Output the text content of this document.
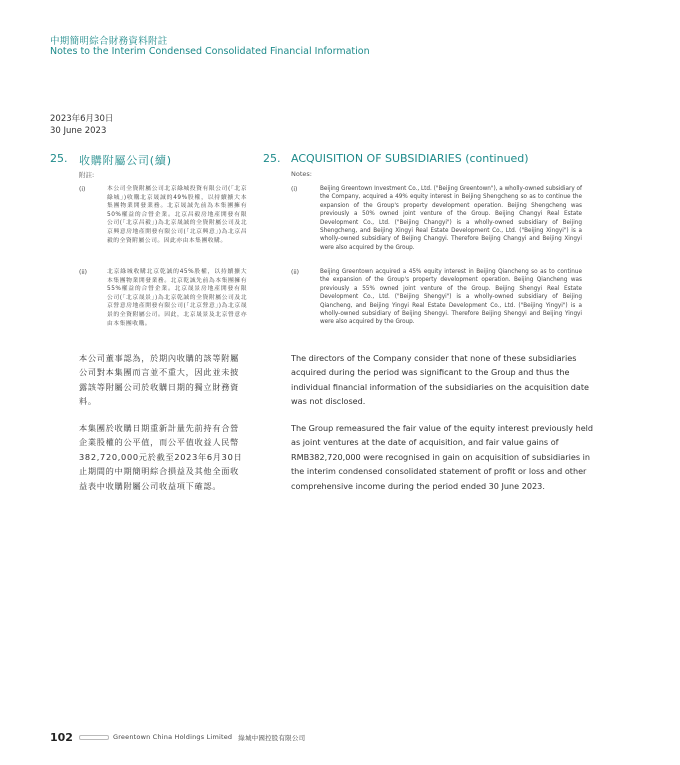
中期簡明綜合財務資料附註
Notes to the Interim Condensed Consolidated Financial Information
2023年6月30日
30 June 2023
25. 收購附屬公司(續)
附註:
25. ACQUISITION OF SUBSIDIARIES (continued)
Notes:
(i)	本公司全資附屬公司北京綠城投資有限公司(「北京綠城」)收購北京晟誠的49%股權，以持續擴大本集團物業開發業務。北京晟誠先前為本集團擁有50%權益的合營企業。北京昌毅房地產開發有限公司(「北京昌毅」)為北京晟誠的全資附屬公司及北京興意房地產開發有限公司(「北京興意」)為北京昌毅的全資附屬公司。因此亦由本集團收購。
(i)	Beijing Greentown Investment Co., Ltd. ("Beijing Greentown"), a wholly-owned subsidiary of the Company, acquired a 49% equity interest in Beijing Shengcheng so as to continue the expansion of the Group's property development operation. Beijing Shengcheng was previously a 50% owned joint venture of the Group. Beijing Changyi Real Estate Development Co., Ltd. ("Beijing Changyi") is a wholly-owned subsidiary of Beijing Shengcheng, and Beijing Xingyi Real Estate Development Co., Ltd. ("Beijing Xingyi") is a wholly-owned subsidiary of Beijing Changyi. Therefore Beijing Changyi and Beijing Xingyi were also acquired by the Group.
(ii)	北京綠城收購北京乾誠的45%股權，以持續擴大本集團物業開發業務。北京乾誠先前為本集團擁有55%權益的合營企業。北京晟景房地產開發有限公司(「北京晟景」)為北京乾誠的全資附屬公司及北京營意房地產開發有限公司(「北京營意」)為北京晟景的全資附屬公司。因此，北京晟景及北京營意亦由本集團收購。
(ii)	Beijing Greentown acquired a 45% equity interest in Beijing Qiancheng so as to continue the expansion of the Group's property development operation. Beijing Qiancheng was previously a 55% owned joint venture of the Group. Beijing Shengyi Real Estate Development Co., Ltd. ("Beijing Shengyi") is a wholly-owned subsidiary of Beijing Qiancheng, and Beijing Yingyi Real Estate Development Co., Ltd. ("Beijing Yingyi") is a wholly-owned subsidiary of Beijing Shengyi. Therefore Beijing Shengyi and Beijing Yingyi were also acquired by the Group.
本公司董事認為，於期內收購的該等附屬公司對本集團而言並不重大，因此並未披露該等附屬公司於收購日期的獨立財務資料。
The directors of the Company consider that none of these subsidiaries acquired during the period was significant to the Group and thus the individual financial information of the subsidiaries on the acquisition date was not disclosed.
本集團於收購日期重新計量先前持有合營企業股權的公平值，而公平值收益人民幣382,720,000元於截至2023年6月30日止期間的中期簡明綜合損益及其他全面收益表中收購附屬公司收益項下確認。
The Group remeasured the fair value of the equity interest previously held as joint ventures at the date of acquisition, and fair value gains of RMB382,720,000 were recognised in gain on acquisition of subsidiaries in the interim condensed consolidated statement of profit or loss and other comprehensive income during the period ended 30 June 2023.
102	Greentown China Holdings Limited 綠城中國控股有限公司
